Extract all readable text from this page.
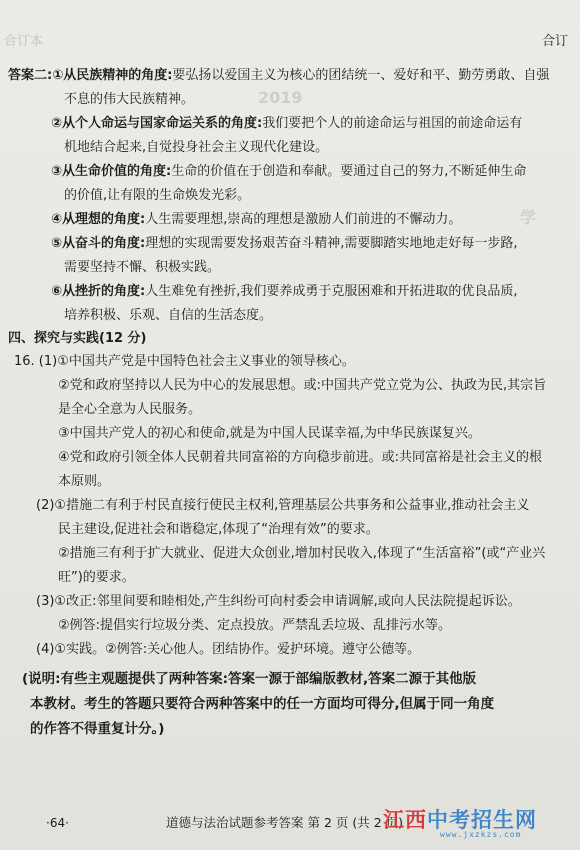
合订本
2019
学
合订
答案二:①从民族精神的角度:要弘扬以爱国主义为核心的团结统一、爱好和平、勤劳勇敢、自强
不息的伟大民族精神。
②从个人命运与国家命运关系的角度:我们要把个人的前途命运与祖国的前途命运有
机地结合起来,自觉投身社会主义现代化建设。
③从生命价值的角度:生命的价值在于创造和奉献。要通过自己的努力,不断延伸生命
的价值,让有限的生命焕发光彩。
④从理想的角度:人生需要理想,崇高的理想是激励人们前进的不懈动力。
⑤从奋斗的角度:理想的实现需要发扬艰苦奋斗精神,需要脚踏实地地走好每一步路,
需要坚持不懈、积极实践。
⑥从挫折的角度:人生难免有挫折,我们要养成勇于克服困难和开拓进取的优良品质,
培养积极、乐观、自信的生活态度。
四、探究与实践(12 分)
16. (1)①中国共产党是中国特色社会主义事业的领导核心。
②党和政府坚持以人民为中心的发展思想。或:中国共产党立党为公、执政为民,其宗旨
是全心全意为人民服务。
③中国共产党人的初心和使命,就是为中国人民谋幸福,为中华民族谋复兴。
④党和政府引领全体人民朝着共同富裕的方向稳步前进。或:共同富裕是社会主义的根
本原则。
(2)①措施二有利于村民直接行使民主权利,管理基层公共事务和公益事业,推动社会主义
民主建设,促进社会和谐稳定,体现了“治理有效”的要求。
②措施三有利于扩大就业、促进大众创业,增加村民收入,体现了“生活富裕”(或“产业兴
旺”)的要求。
(3)①改正:邻里间要和睦相处,产生纠纷可向村委会申请调解,或向人民法院提起诉讼。
②例答:提倡实行垃圾分类、定点投放。严禁乱丢垃圾、乱排污水等。
(4)①实践。②例答:关心他人。团结协作。爱护环境。遵守公德等。
(说明:有些主观题提供了两种答案:答案一源于部编版教材,答案二源于其他版
本教材。考生的答题只要符合两种答案中的任一方面均可得分,但属于同一角度
的作答不得重复计分。)
·64·	道德与法治试题参考答案 第 2 页 (共 2 页)
江西中考招生网
www.jxzkzs.com
